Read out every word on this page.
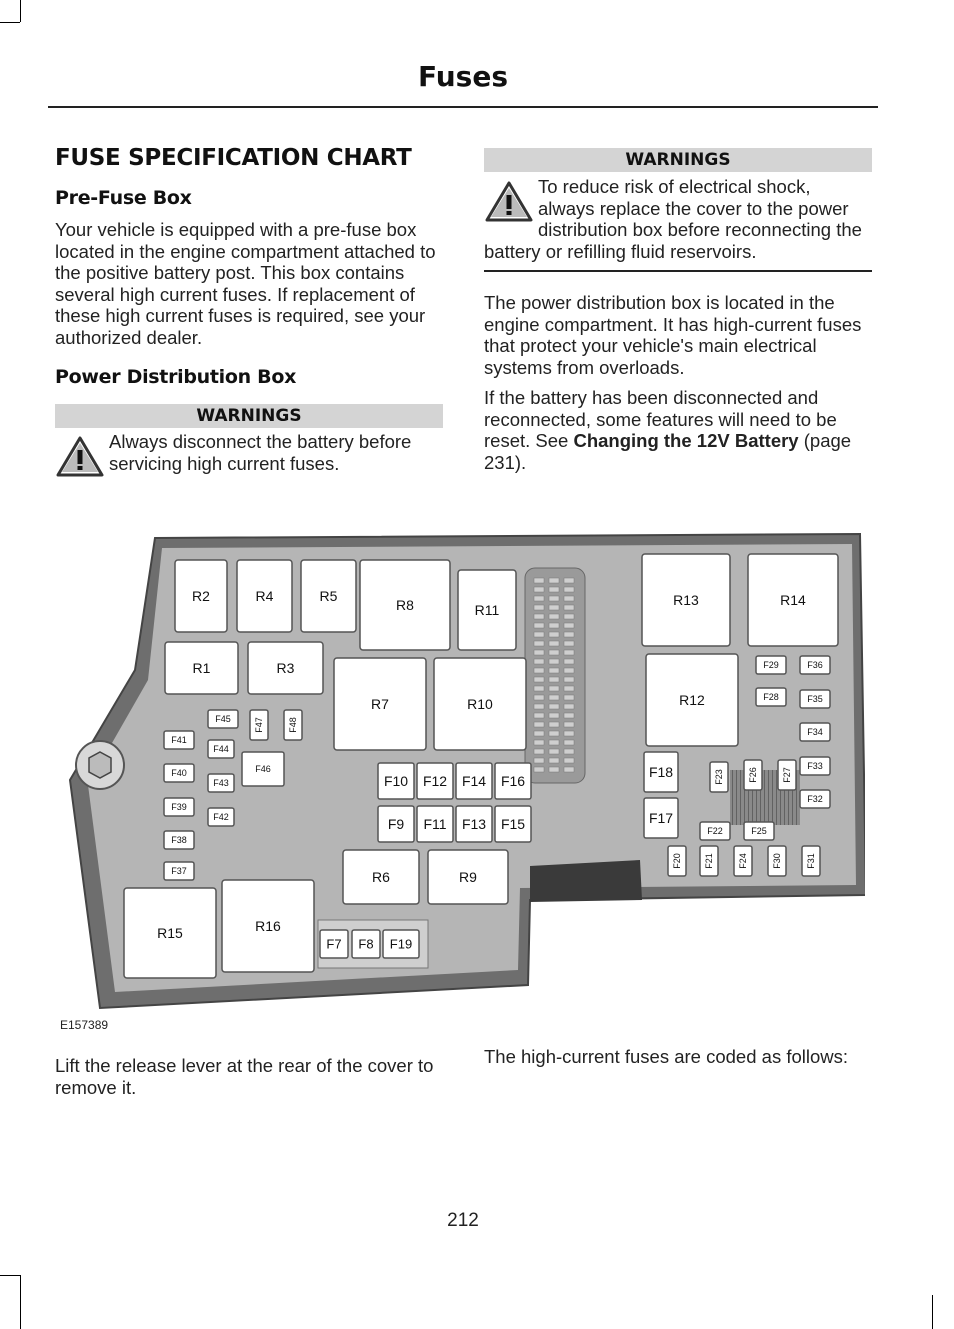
Fuses
FUSE SPECIFICATION CHART
Pre-Fuse Box

Your vehicle is equipped with a pre-fuse box located in the engine compartment attached to the positive battery post. This box contains several high current fuses. If replacement of these high current fuses is required, see your authorized dealer.

Power Distribution Box
WARNINGS
Always disconnect the battery before servicing high current fuses.
WARNINGS
To reduce risk of electrical shock, always replace the cover to the power distribution box before reconnecting the battery or refilling fluid reservoirs.

The power distribution box is located in the engine compartment. It has high-current fuses that protect your vehicle's main electrical systems from overloads.

If the battery has been disconnected and reconnected, some features will need to be reset. See Changing the 12V Battery (page 231).

R1
R2
R3
R4	R5
R6
R7
R8
R9
R10
R11
R12
R13	R14
R15	R16
F7 F8
F9
F10
F11
F12
F13
F14
F15
F16
F17
F18
F19
F20 F21
F22
F23
F24
F25
F26	F27
F28
F29
F30	F31
F32
F33
F34
F35
F36
F37
F38
F39
F40
F41
F42
F43
F44
F45
F46
F47	F48
E157389

Lift the release lever at the rear of the cover to remove it.

The high-current fuses are coded as follows:

212
